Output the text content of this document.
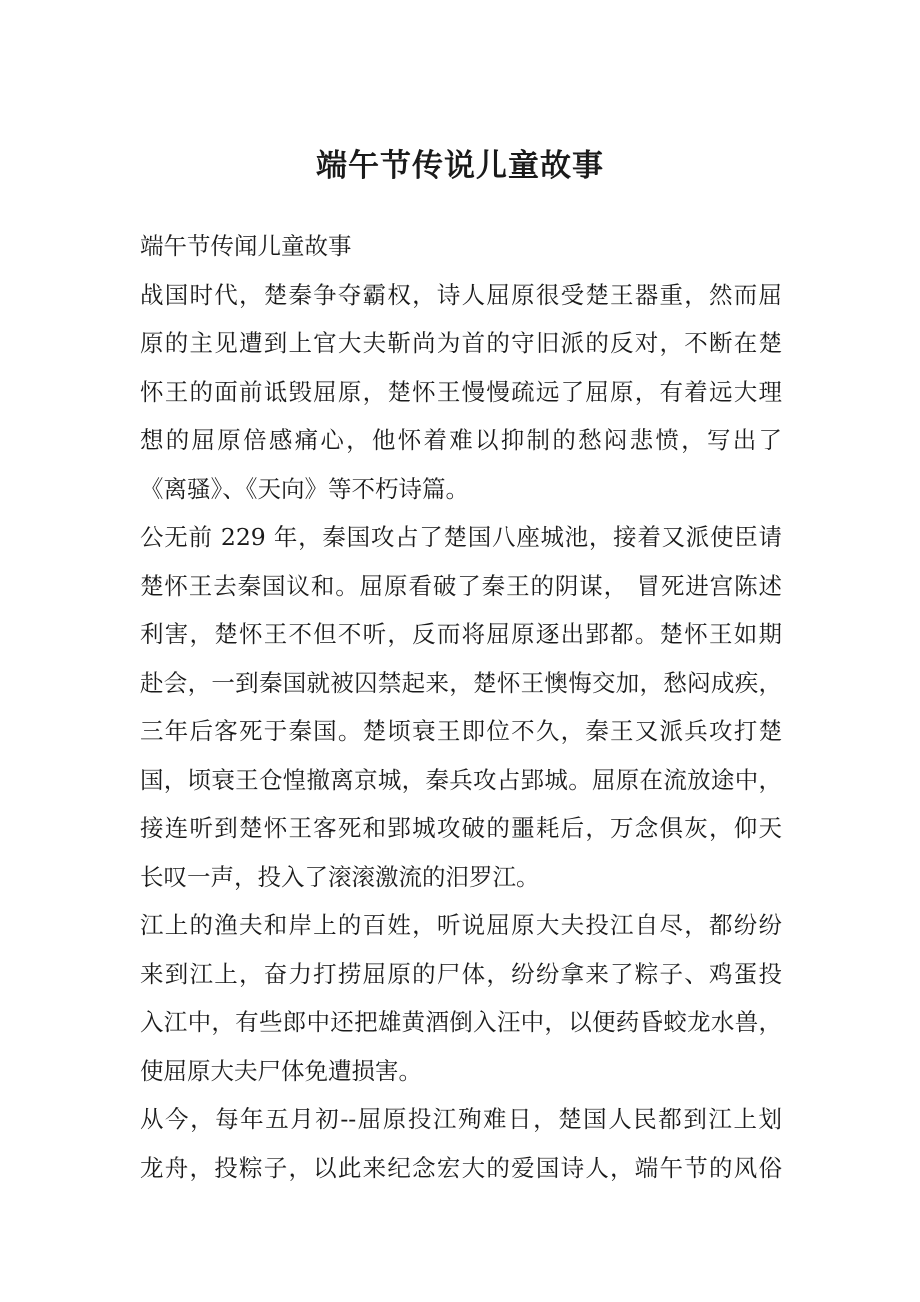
端午节传说儿童故事
端午节传闻儿童故事
战国时代，楚秦争夺霸权，诗人屈原很受楚王器重，然而屈
原的主见遭到上官大夫靳尚为首的守旧派的反对，不断在楚
怀王的面前诋毁屈原，楚怀王慢慢疏远了屈原，有着远大理
想的屈原倍感痛心，他怀着难以抑制的愁闷悲愤，写出了
《离骚》、《天向》等不朽诗篇。
公无前 229 年，秦国攻占了楚国八座城池，接着又派使臣请
楚怀王去秦国议和。屈原看破了秦王的阴谋， 冒死进宫陈述
利害，楚怀王不但不听，反而将屈原逐出郢都。楚怀王如期
赴会，一到秦国就被囚禁起来，楚怀王懊悔交加，愁闷成疾，
三年后客死于秦国。楚顷衰王即位不久，秦王又派兵攻打楚
国，顷衰王仓惶撤离京城，秦兵攻占郢城。屈原在流放途中，
接连听到楚怀王客死和郢城攻破的噩耗后，万念俱灰，仰天
长叹一声，投入了滚滚激流的汨罗江。
江上的渔夫和岸上的百姓，听说屈原大夫投江自尽，都纷纷
来到江上，奋力打捞屈原的尸体，纷纷拿来了粽子、鸡蛋投
入江中，有些郎中还把雄黄酒倒入汪中，以便药昏蛟龙水兽，
使屈原大夫尸体免遭损害。
从今，每年五月初--屈原投江殉难日，楚国人民都到江上划
龙舟，投粽子，以此来纪念宏大的爱国诗人，端午节的风俗
